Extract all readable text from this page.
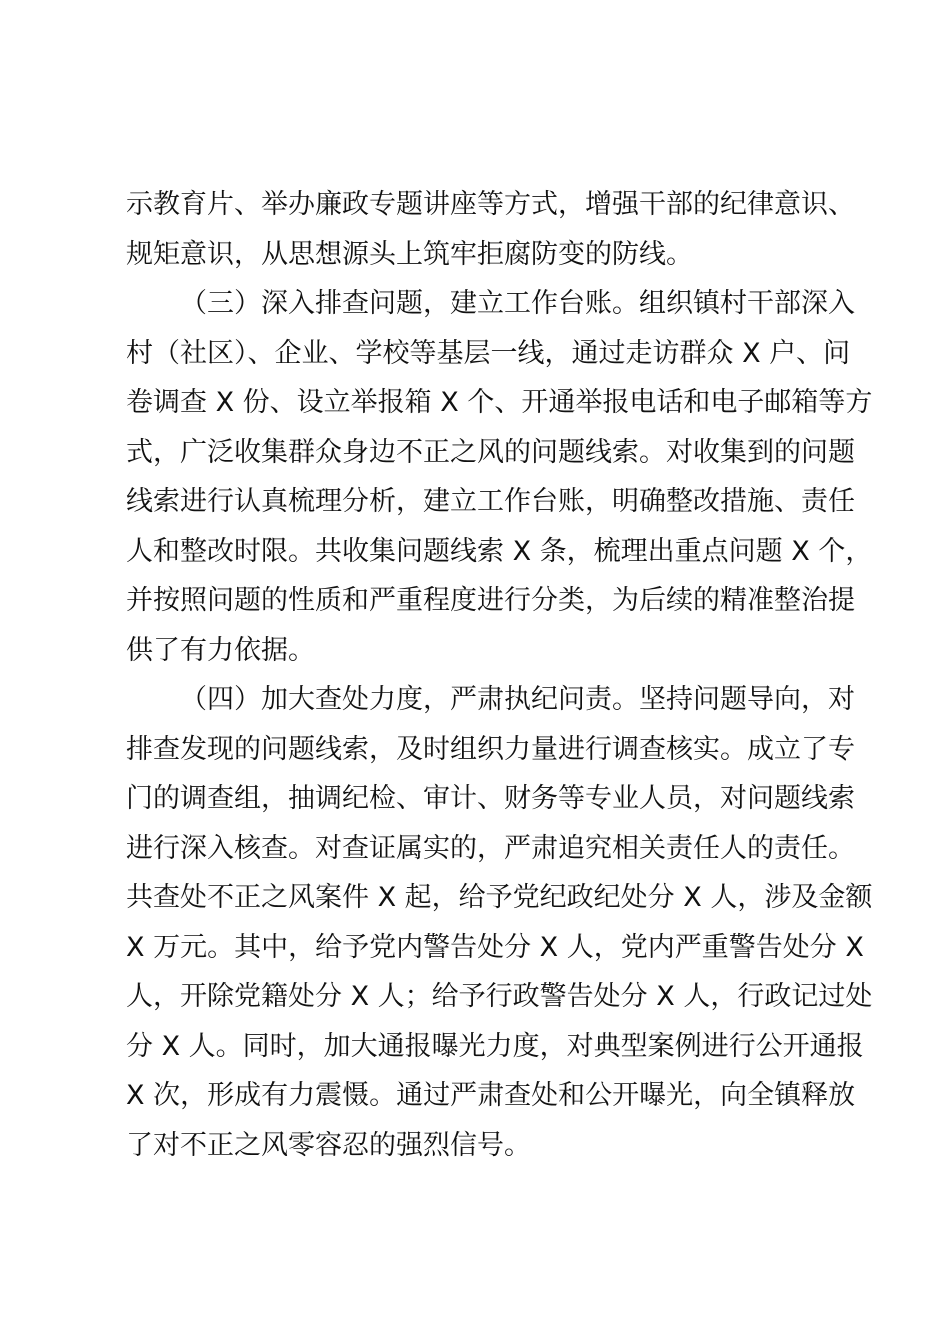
示教育片、举办廉政专题讲座等方式，增强干部的纪律意识、
规矩意识，从思想源头上筑牢拒腐防变的防线。
（三）深入排查问题，建立工作台账。组织镇村干部深入
村（社区）、企业、学校等基层一线，通过走访群众 X 户、问
卷调查 X 份、设立举报箱 X 个、开通举报电话和电子邮箱等方
式，广泛收集群众身边不正之风的问题线索。对收集到的问题
线索进行认真梳理分析，建立工作台账，明确整改措施、责任
人和整改时限。共收集问题线索 X 条，梳理出重点问题 X 个，
并按照问题的性质和严重程度进行分类，为后续的精准整治提
供了有力依据。
（四）加大查处力度，严肃执纪问责。坚持问题导向，对
排查发现的问题线索，及时组织力量进行调查核实。成立了专
门的调查组，抽调纪检、审计、财务等专业人员，对问题线索
进行深入核查。对查证属实的，严肃追究相关责任人的责任。
共查处不正之风案件 X 起，给予党纪政纪处分 X 人，涉及金额
X 万元。其中，给予党内警告处分 X 人，党内严重警告处分 X
人，开除党籍处分 X 人；给予行政警告处分 X 人，行政记过处
分 X 人。同时，加大通报曝光力度，对典型案例进行公开通报
X 次，形成有力震慑。通过严肃查处和公开曝光，向全镇释放
了对不正之风零容忍的强烈信号。
